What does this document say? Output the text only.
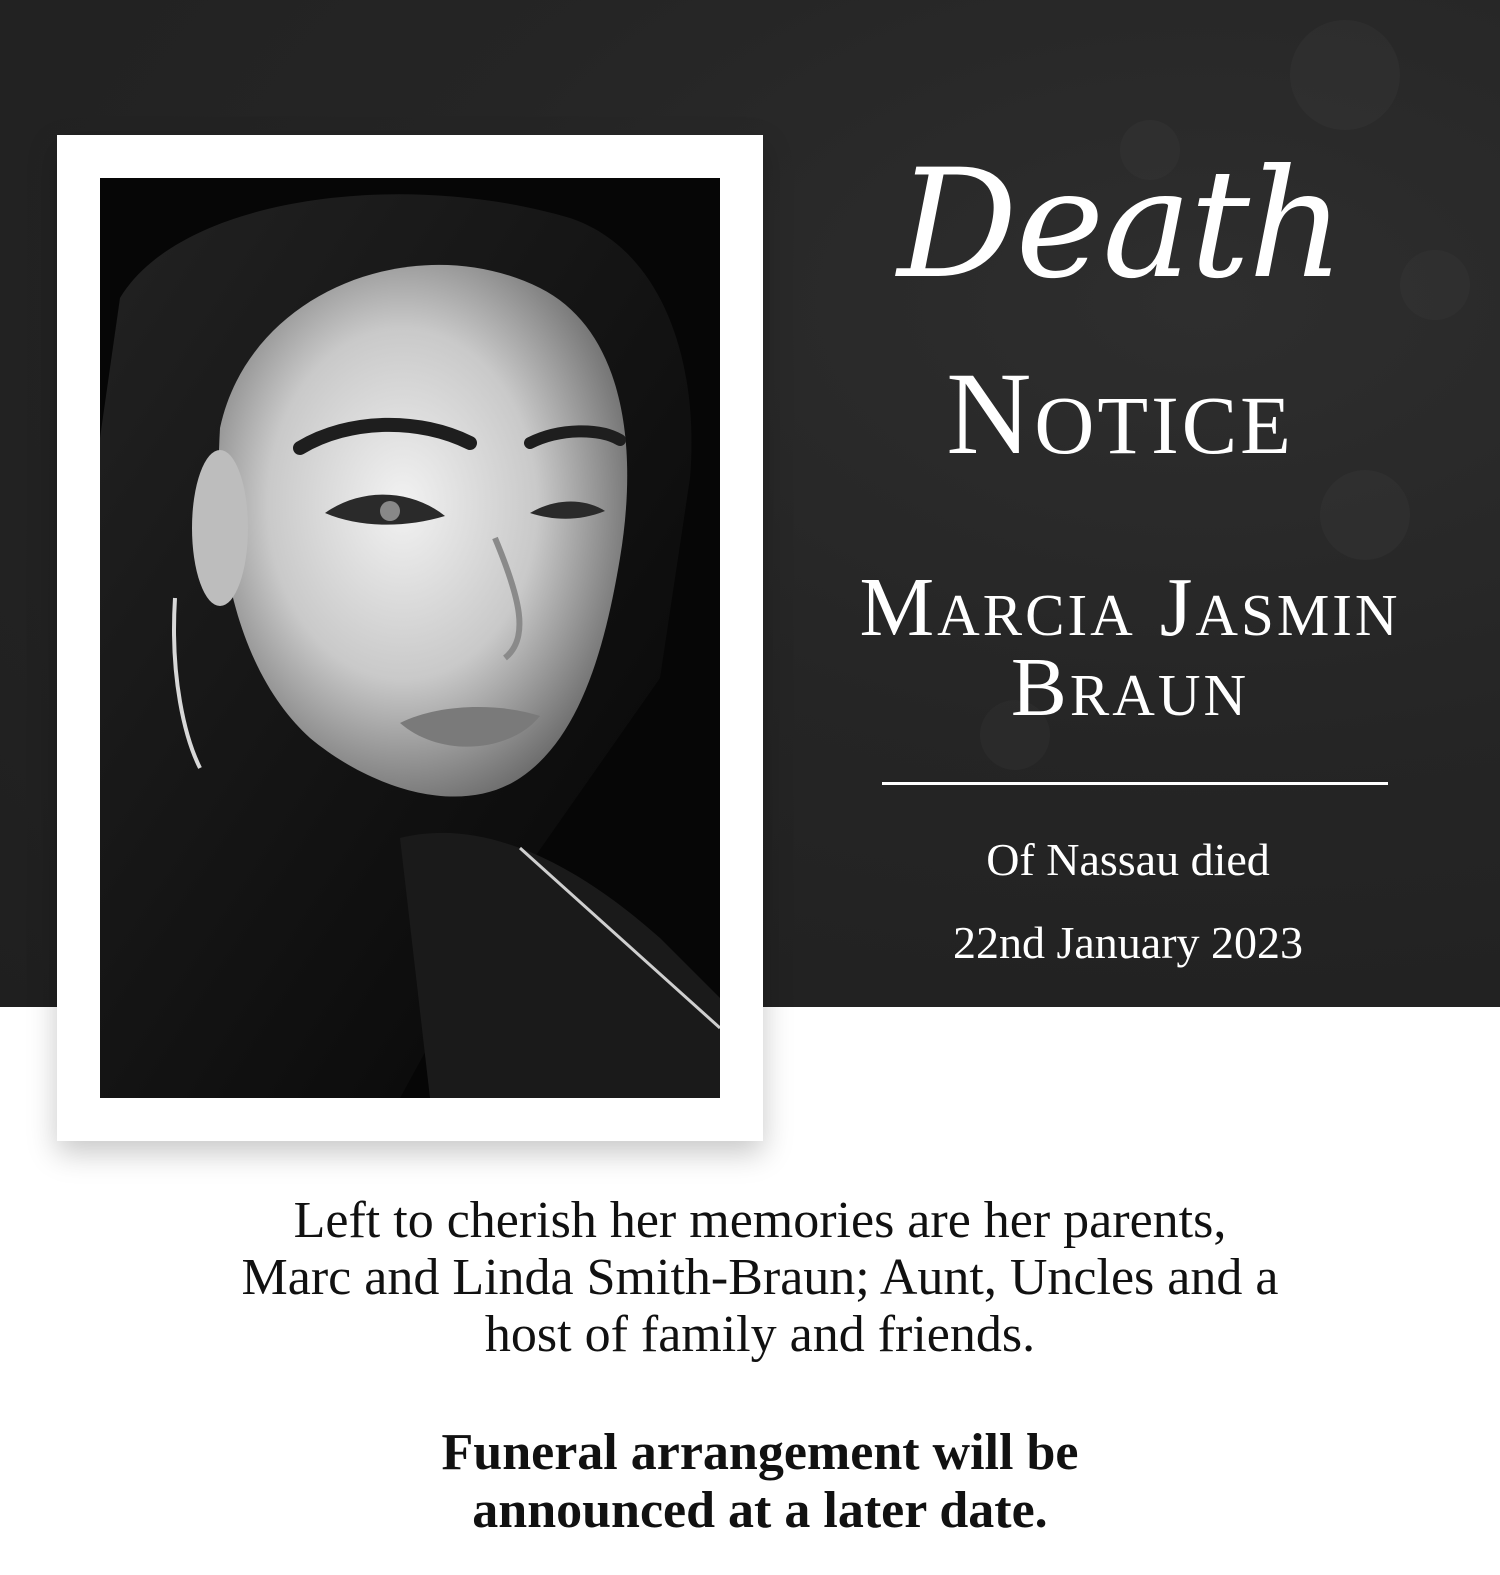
Death
Notice
Marcia Jasmin
Braun
Of Nassau died
22nd January 2023
Left to cherish her memories are her parents,
Marc and Linda Smith-Braun; Aunt, Uncles and a
host of family and friends.
Funeral arrangement will be
announced at a later date.
